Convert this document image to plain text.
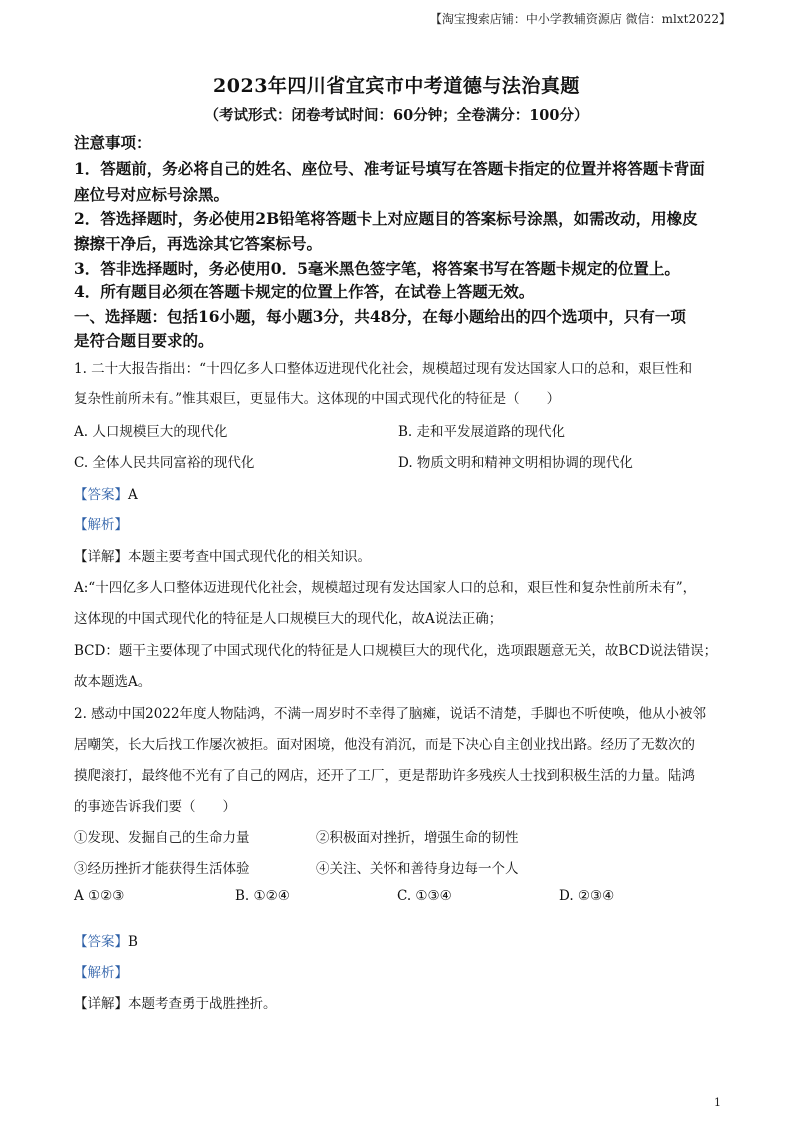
【淘宝搜索店铺：中小学教辅资源店 微信：mlxt2022】
2023年四川省宜宾市中考道德与法治真题
（考试形式：闭卷考试时间：60分钟；全卷满分：100分）
注意事项：
1．答题前，务必将自己的姓名、座位号、准考证号填写在答题卡指定的位置并将答题卡背面
座位号对应标号涂黑。
2．答选择题时，务必使用2B铅笔将答题卡上对应题目的答案标号涂黑，如需改动，用橡皮
擦擦干净后，再选涂其它答案标号。
3．答非选择题时，务必使用0．5毫米黑色签字笔，将答案书写在答题卡规定的位置上。
4．所有题目必须在答题卡规定的位置上作答，在试卷上答题无效。
一、选择题：包括16小题，每小题3分，共48分，在每小题给出的四个选项中，只有一项
是符合题目要求的。
1. 二十大报告指出：“十四亿多人口整体迈进现代化社会，规模超过现有发达国家人口的总和，艰巨性和
复杂性前所未有。”惟其艰巨，更显伟大。这体现的中国式现代化的特征是（　　）
A. 人口规模巨大的现代化	B. 走和平发展道路的现代化
C. 全体人民共同富裕的现代化	D. 物质文明和精神文明相协调的现代化
【答案】A
【解析】
【详解】本题主要考查中国式现代化的相关知识。
A:“十四亿多人口整体迈进现代化社会，规模超过现有发达国家人口的总和，艰巨性和复杂性前所未有”，
这体现的中国式现代化的特征是人口规模巨大的现代化，故A说法正确；
BCD：题干主要体现了中国式现代化的特征是人口规模巨大的现代化，选项跟题意无关，故BCD说法错误；
故本题选A。
2. 感动中国2022年度人物陆鸿，不满一周岁时不幸得了脑瘫，说话不清楚，手脚也不听使唤，他从小被邻
居嘲笑，长大后找工作屡次被拒。面对困境，他没有消沉，而是下决心自主创业找出路。经历了无数次的
摸爬滚打，最终他不光有了自己的网店，还开了工厂，更是帮助许多残疾人士找到积极生活的力量。陆鸿
的事迹告诉我们要（　　）
①发现、发掘自己的生命力量	②积极面对挫折，增强生命的韧性
③经历挫折才能获得生活体验	④关注、关怀和善待身边每一个人
A ①②③	B. ①②④	C. ①③④	D. ②③④
【答案】B
【解析】
【详解】本题考查勇于战胜挫折。
1
